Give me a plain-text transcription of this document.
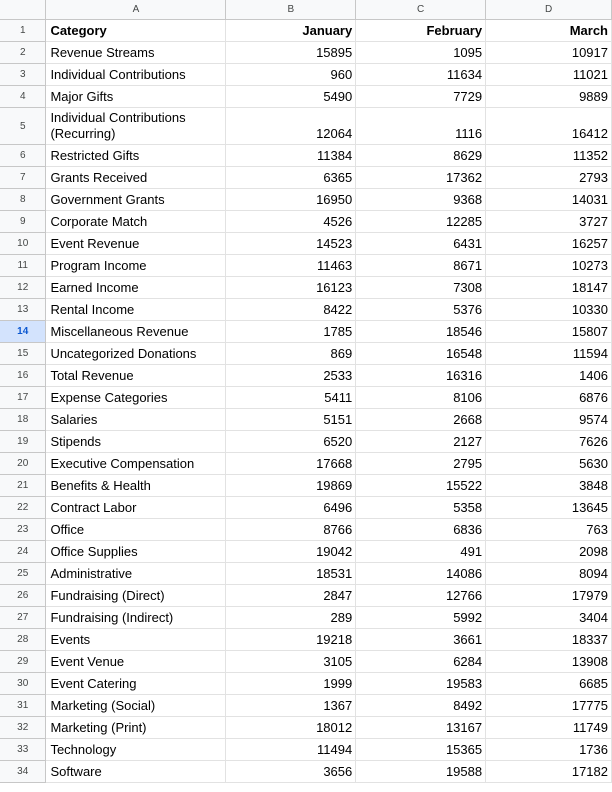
	A	B	C	D
1	Category	January	February	March
2	Revenue Streams	15895	1095	10917
3	Individual Contributions	960	11634	11021
4	Major Gifts	5490	7729	9889
5	Individual Contributions (Recurring)	12064	1116	16412
6	Restricted Gifts	11384	8629	11352
7	Grants Received	6365	17362	2793
8	Government Grants	16950	9368	14031
9	Corporate Match	4526	12285	3727
10	Event Revenue	14523	6431	16257
11	Program Income	11463	8671	10273
12	Earned Income	16123	7308	18147
13	Rental Income	8422	5376	10330
14	Miscellaneous Revenue	1785	18546	15807
15	Uncategorized Donations	869	16548	11594
16	Total Revenue	2533	16316	1406
17	Expense Categories	5411	8106	6876
18	Salaries	5151	2668	9574
19	Stipends	6520	2127	7626
20	Executive Compensation	17668	2795	5630
21	Benefits & Health	19869	15522	3848
22	Contract Labor	6496	5358	13645
23	Office	8766	6836	763
24	Office Supplies	19042	491	2098
25	Administrative	18531	14086	8094
26	Fundraising (Direct)	2847	12766	17979
27	Fundraising (Indirect)	289	5992	3404
28	Events	19218	3661	18337
29	Event Venue	3105	6284	13908
30	Event Catering	1999	19583	6685
31	Marketing (Social)	1367	8492	17775
32	Marketing (Print)	18012	13167	11749
33	Technology	11494	15365	1736
34	Software	3656	19588	17182
